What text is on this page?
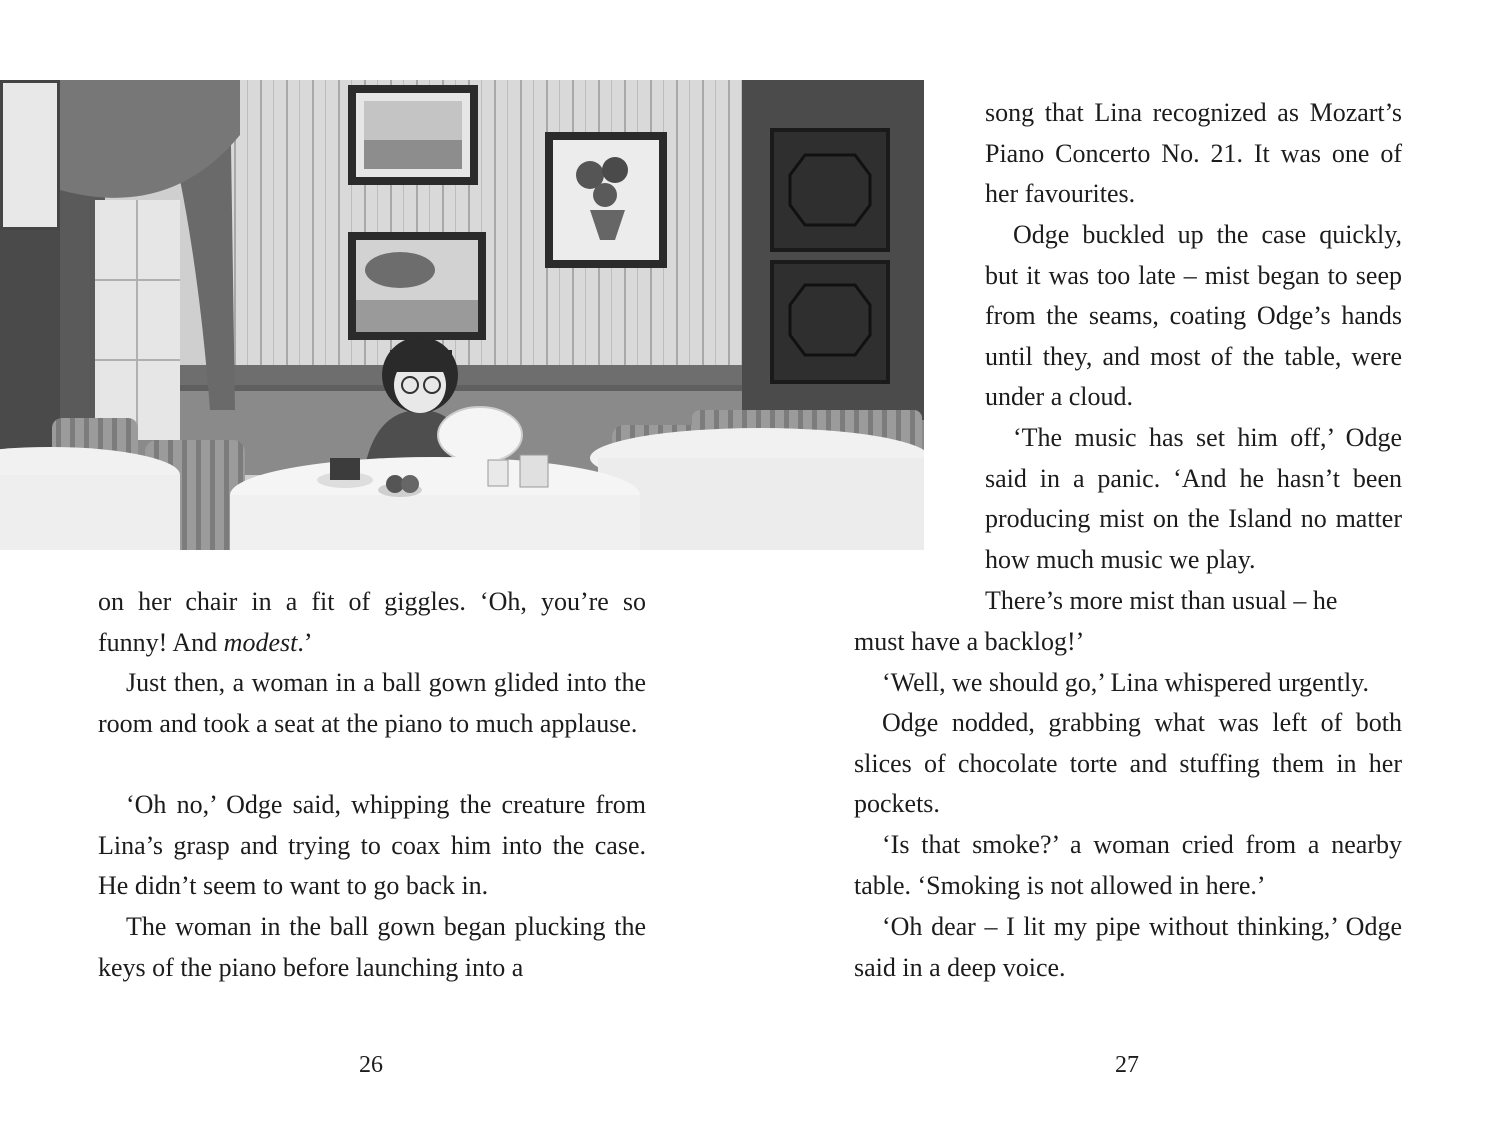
on her chair in a fit of giggles. ‘Oh, you’re so funny! And modest.’

Just then, a woman in a ball gown glided into the room and took a seat at the piano to much applause.

‘Oh no,’ Odge said, whipping the creature from Lina’s grasp and trying to coax him into the case. He didn’t seem to want to go back in.

The woman in the ball gown began plucking the keys of the piano before launching into a

26

song that Lina recognized as Mozart’s Piano Concerto No. 21. It was one of her favourites.

Odge buckled up the case quickly, but it was too late – mist began to seep from the seams, coating Odge’s hands until they, and most of the table, were under a cloud.

‘The music has set him off,’ Odge said in a panic. ‘And he hasn’t been producing mist on the Island no matter how much music we play.

There’s more mist than usual – he

must have a backlog!’

‘Well, we should go,’ Lina whispered urgently.

Odge nodded, grabbing what was left of both slices of chocolate torte and stuffing them in her pockets.

‘Is that smoke?’ a woman cried from a nearby table. ‘Smoking is not allowed in here.’

‘Oh dear – I lit my pipe without thinking,’ Odge said in a deep voice.

27
